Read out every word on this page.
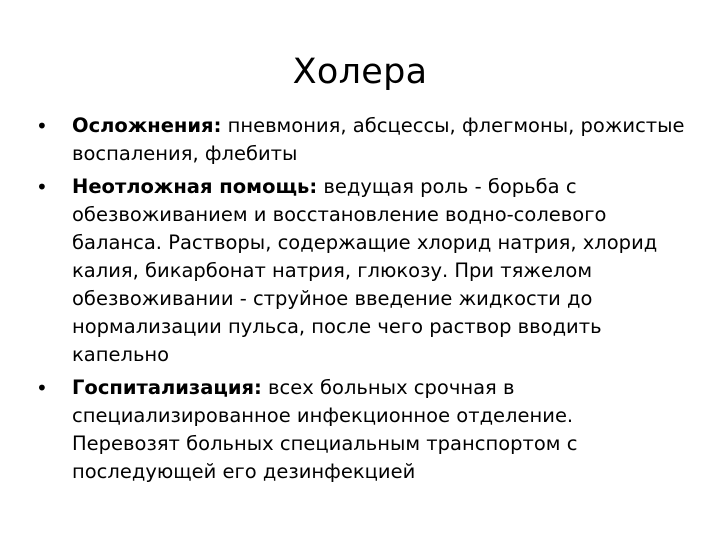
Холера
•	Осложнения: пневмония, абсцессы, флегмоны, рожистые воспаления, флебиты
•	Неотложная помощь: ведущая роль - борьба с обезвоживанием и восстановление водно-солевого баланса. Растворы, содержащие хлорид натрия, хлорид калия, бикарбонат натрия, глюкозу. При тяжелом обезвоживании - струйное введение жидкости до нормализации пульса, после чего раствор вводить капельно
•	Госпитализация: всех больных срочная в специализированное инфекционное отделение. Перевозят больных специальным транспортом с последующей его дезинфекцией
